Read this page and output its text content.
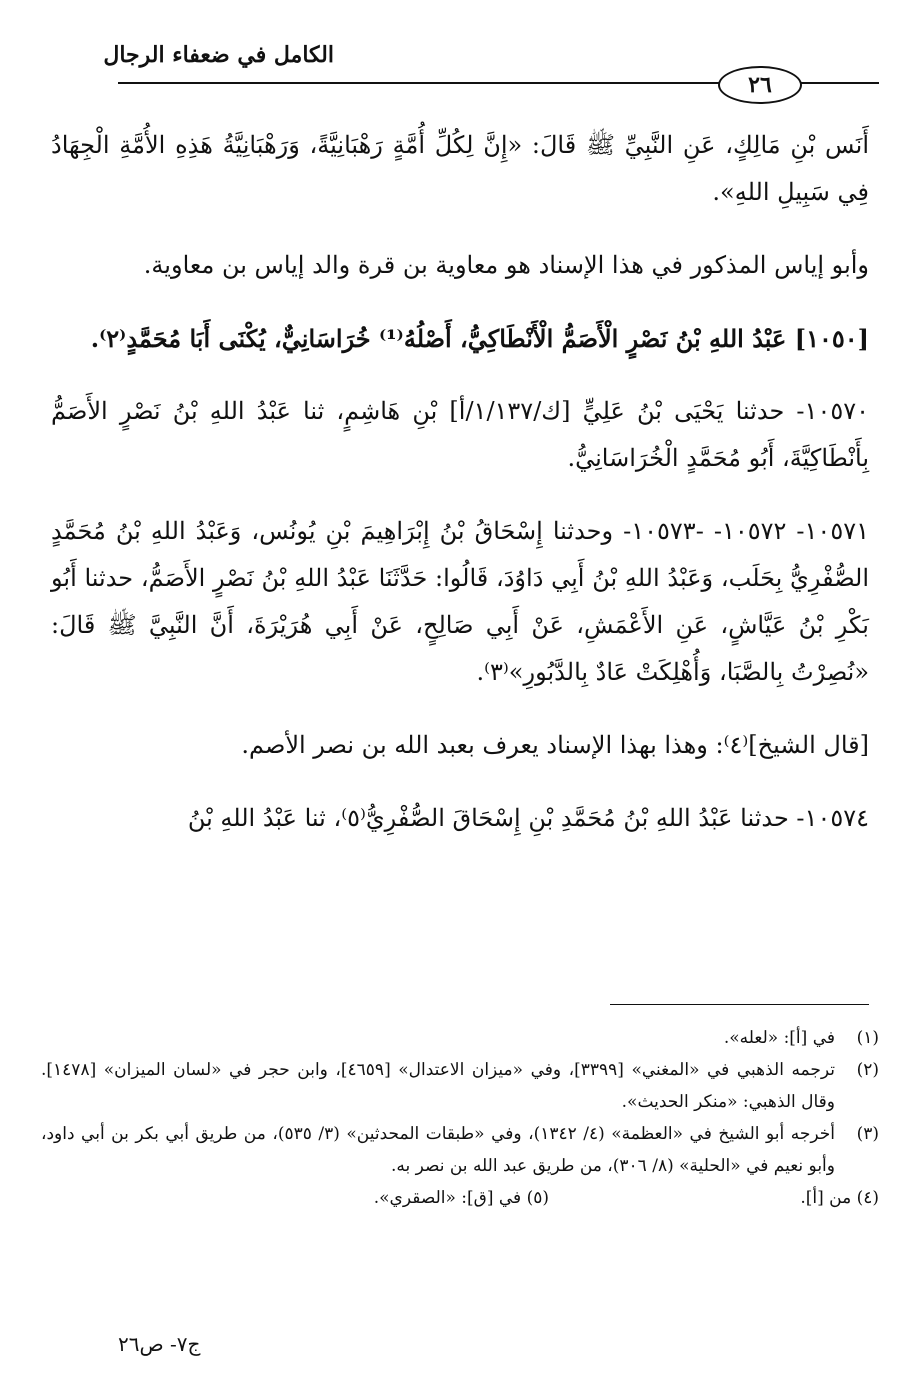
الكامل في ضعفاء الرجال
٢٦

أَنَس بْنِ مَالِكٍ، عَنِ النَّبِيِّ ﷺ قَالَ: «إِنَّ لِكُلِّ أُمَّةٍ رَهْبَانِيَّةً، وَرَهْبَانِيَّةُ هَذِهِ الأُمَّةِ الْجِهَادُ فِي سَبِيلِ اللهِ».

وأبو إياس المذكور في هذا الإسناد هو معاوية بن قرة والد إياس بن معاوية.

[١٠٥٠] عَبْدُ اللهِ بْنُ نَصْرٍ الْأَصَمُّ الْأَنْطَاكِيُّ، أَصْلُهُ⁽¹⁾ خُرَاسَانِيٌّ، يُكْنَى أَبَا مُحَمَّدٍ⁽٢⁾.

١٠٥٧٠- حدثنا يَحْيَى بْنُ عَلِيٍّ [ك/١/١٣٧/أ] بْنِ هَاشِمٍ، ثنا عَبْدُ اللهِ بْنُ نَصْرٍ الأَصَمُّ بِأَنْطَاكِيَّةَ، أَبُو مُحَمَّدٍ الْخُرَاسَانِيُّ.

١٠٥٧١- ١٠٥٧٢- -١٠٥٧٣- وحدثنا إِسْحَاقُ بْنُ إِبْرَاهِيمَ بْنِ يُونُس، وَعَبْدُ اللهِ بْنُ مُحَمَّدٍ الصُّفْرِيُّ بِحَلَب، وَعَبْدُ اللهِ بْنُ أَبِي دَاوُدَ، قَالُوا: حَدَّثَنَا عَبْدُ اللهِ بْنُ نَصْرٍ الأَصَمُّ، حدثنا أَبُو بَكْرِ بْنُ عَيَّاشٍ، عَنِ الأَعْمَشِ، عَنْ أَبِي صَالِحٍ، عَنْ أَبِي هُرَيْرَةَ، أَنَّ النَّبِيَّ ﷺ قَالَ: «نُصِرْتُ بِالصَّبَا، وَأُهْلِكَتْ عَادٌ بِالدَّبُورِ»⁽٣⁾.

[قال الشيخ]⁽٤⁾: وهذا بهذا الإسناد يعرف بعبد الله بن نصر الأصم.

١٠٥٧٤- حدثنا عَبْدُ اللهِ بْنُ مُحَمَّدِ بْنِ إِسْحَاقَ الصُّفْرِيُّ⁽٥⁾، ثنا عَبْدُ اللهِ بْنُ

(١)
في [أ]: «لعله».
(٢)
ترجمه الذهبي في «المغني» [٣٣٩٩]، وفي «ميزان الاعتدال» [٤٦٥٩]، وابن حجر في «لسان الميزان» [١٤٧٨]. وقال الذهبي: «منكر الحديث».
(٣)
أخرجه أبو الشيخ في «العظمة» (٤/ ١٣٤٢)، وفي «طبقات المحدثين» (٣/ ٥٣٥)، من طريق أبي بكر بن أبي داود، وأبو نعيم في «الحلية» (٨/ ٣٠٦)، من طريق عبد الله بن نصر به.
(٤) من [أ].
(٥) في [ق]: «الصقري».
ج٧- ص٢٦
